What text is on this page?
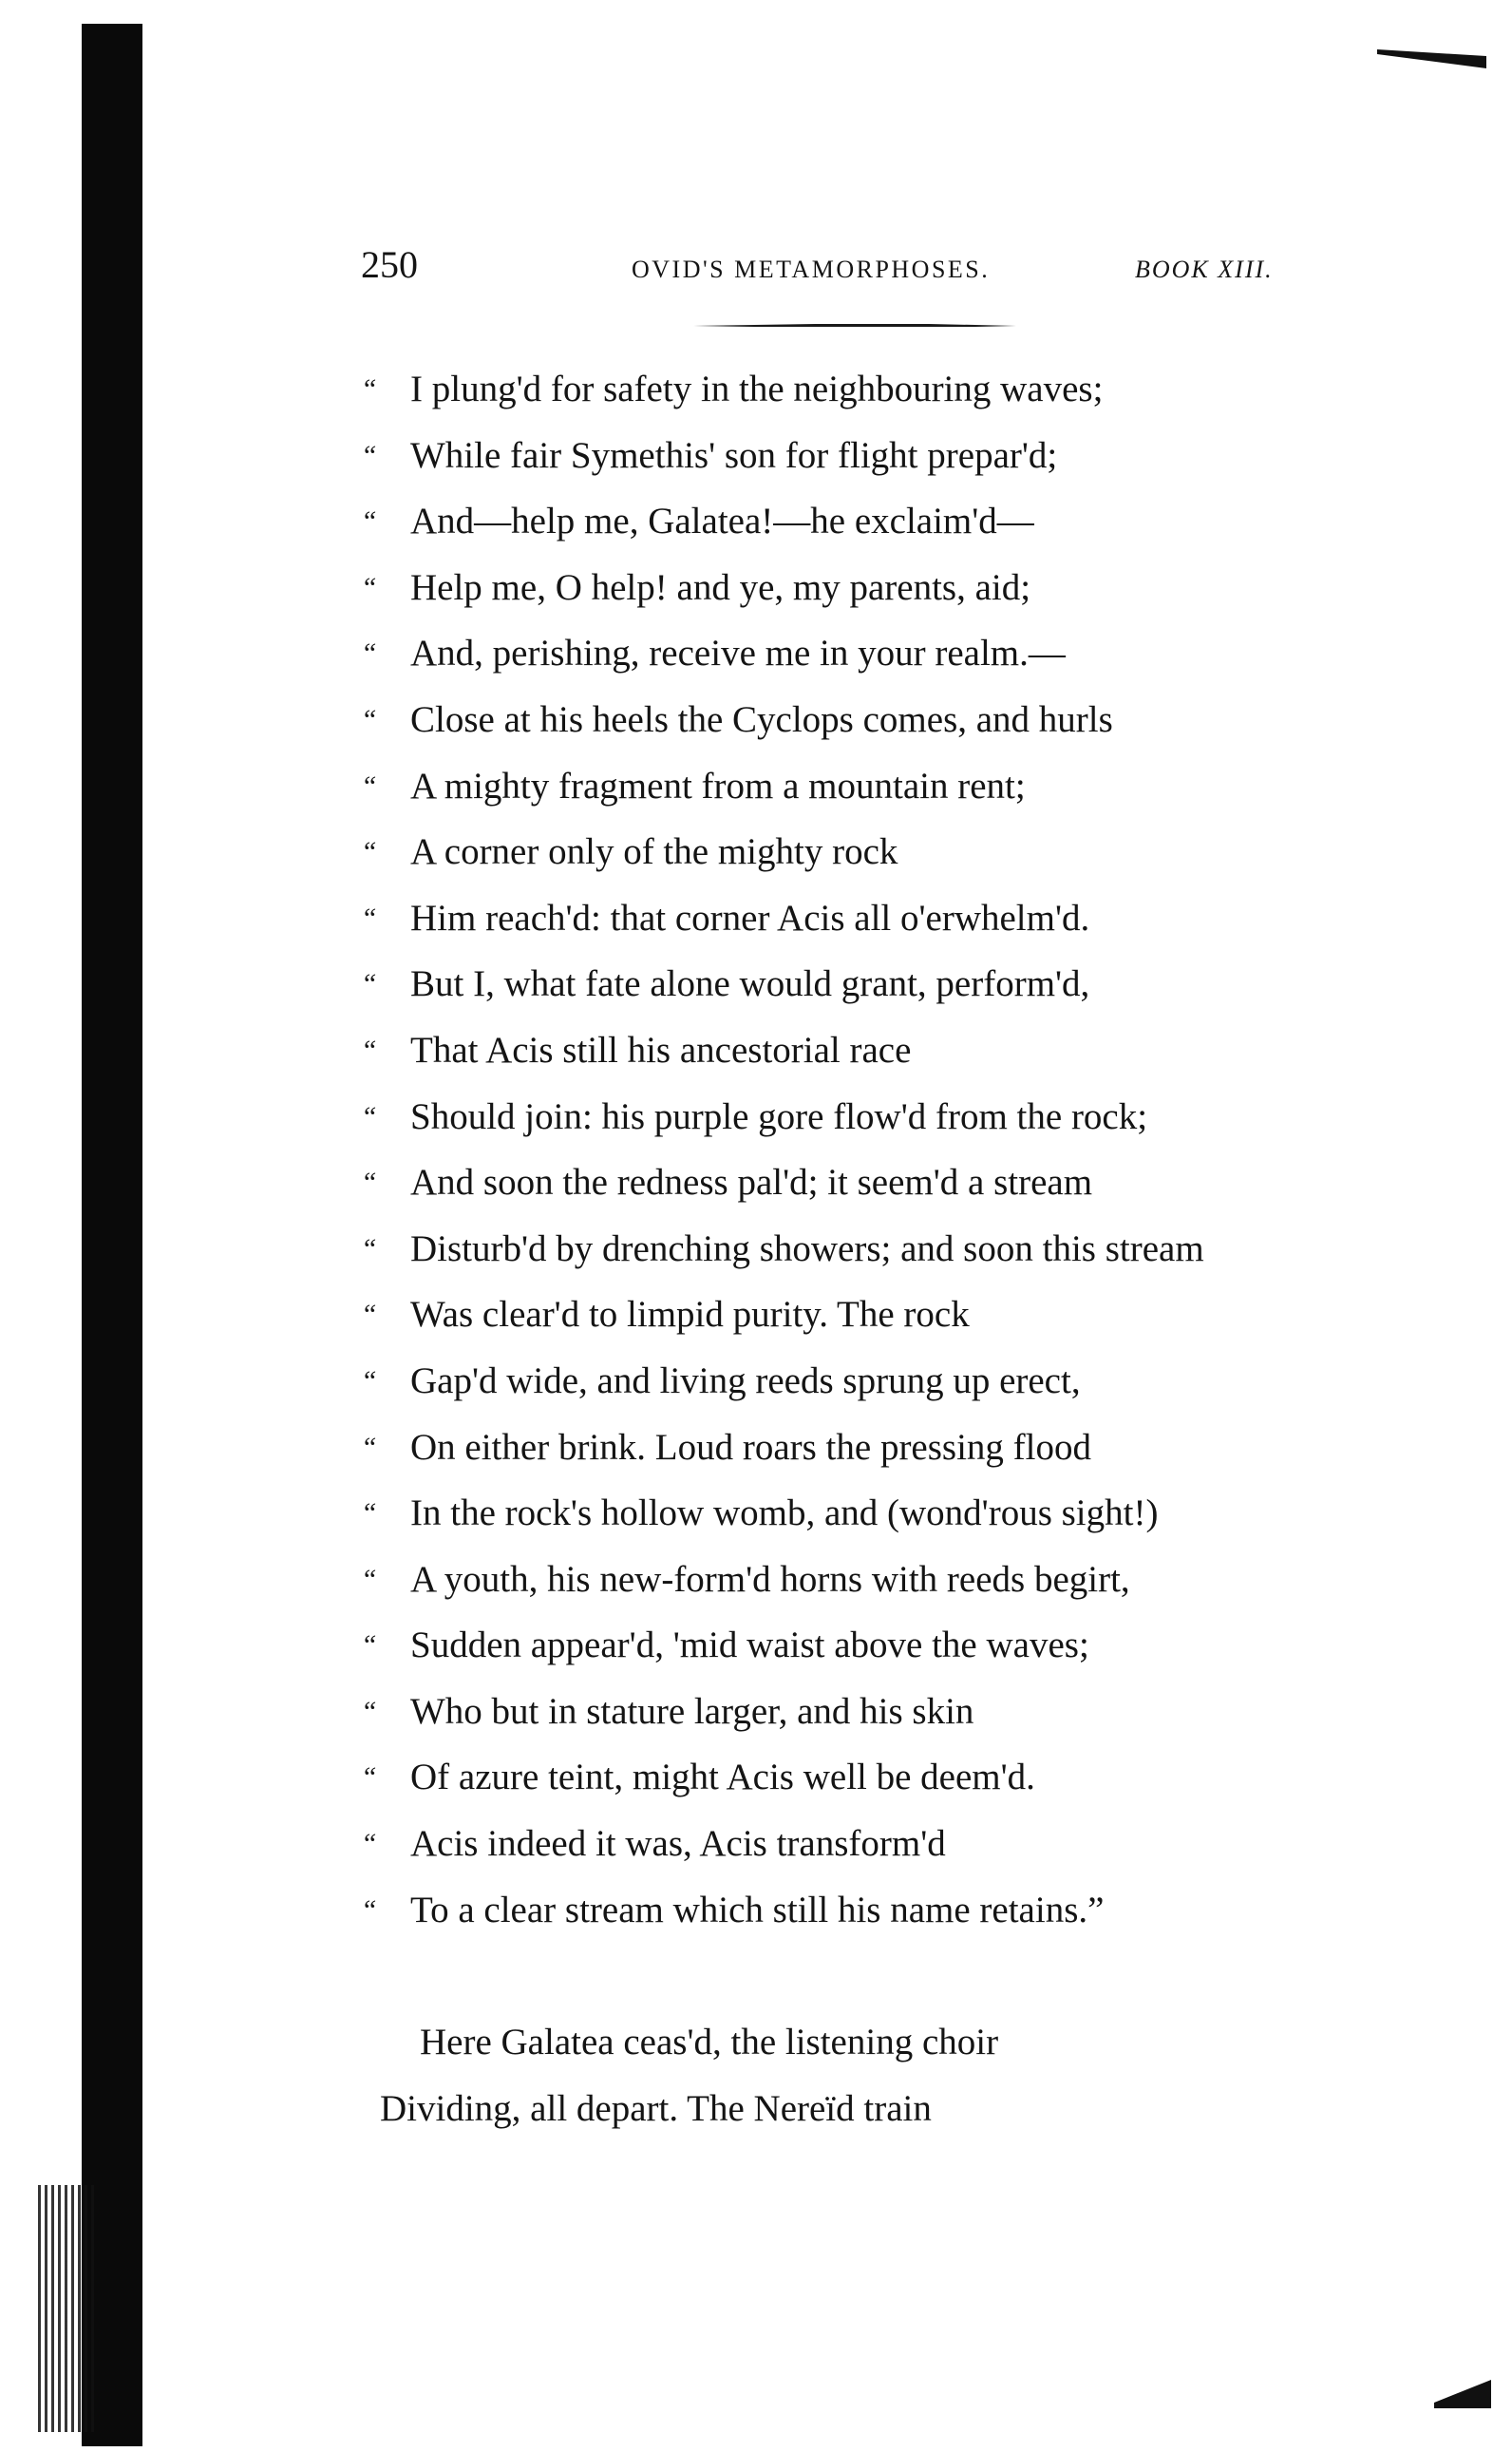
250	OVID'S METAMORPHOSES.	BOOK XIII.
“ I plung'd for safety in the neighbouring waves;
“ While fair Symethis' son for flight prepar'd;
“ And—help me, Galatea!—he exclaim'd—
“ Help me, O help! and ye, my parents, aid;
“ And, perishing, receive me in your realm.—
“ Close at his heels the Cyclops comes, and hurls
“ A mighty fragment from a mountain rent;
“ A corner only of the mighty rock
“ Him reach'd: that corner Acis all o'erwhelm'd.
“ But I, what fate alone would grant, perform'd,
“ That Acis still his ancestorial race
“ Should join: his purple gore flow'd from the rock;
“ And soon the redness pal'd; it seem'd a stream
“ Disturb'd by drenching showers; and soon this stream
“ Was clear'd to limpid purity. The rock
“ Gap'd wide, and living reeds sprung up erect,
“ On either brink. Loud roars the pressing flood
“ In the rock's hollow womb, and (wond'rous sight!)
“ A youth, his new-form'd horns with reeds begirt,
“ Sudden appear'd, 'mid waist above the waves;
“ Who but in stature larger, and his skin
“ Of azure teint, might Acis well be deem'd.
“ Acis indeed it was, Acis transform'd
“ To a clear stream which still his name retains.”
Here Galatea ceas'd, the listening choir
Dividing, all depart. The Nereïd train
